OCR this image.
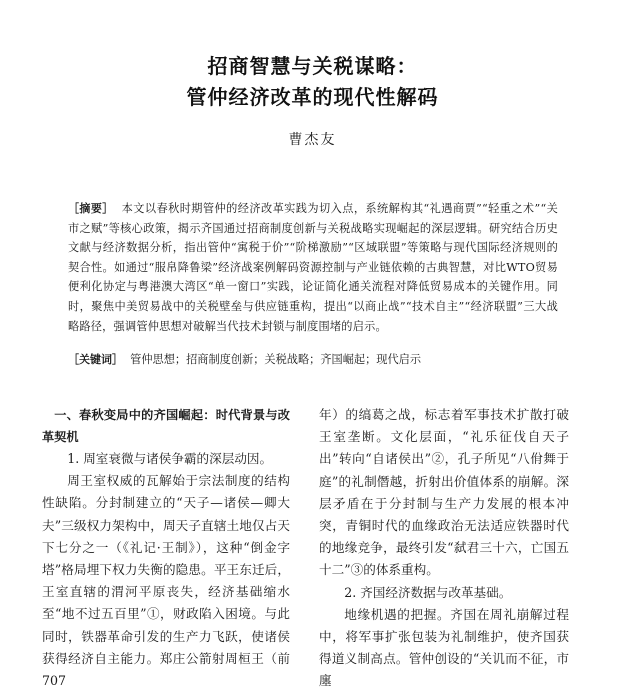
招商智慧与关税谋略：
管仲经济改革的现代性解码
曹杰友
［摘要］ 本文以春秋时期管仲的经济改革实践为切入点，系统解构其“礼遇商贾”“轻重之术”“关市之赋”等核心政策，揭示齐国通过招商制度创新与关税战略实现崛起的深层逻辑。研究结合历史文献与经济数据分析，指出管仲“寓税于价”“阶梯激励”“区域联盟”等策略与现代国际经济规则的契合性。如通过“服帛降鲁梁”经济战案例解码资源控制与产业链依赖的古典智慧，对比WTO贸易便利化协定与粤港澳大湾区“单一窗口”实践，论证简化通关流程对降低贸易成本的关键作用。同时，聚焦中美贸易战中的关税壁垒与供应链重构，提出“以商止战”“技术自主”“经济联盟”三大战略路径，强调管仲思想对破解当代技术封锁与制度围堵的启示。
［关键词］ 管仲思想；招商制度创新；关税战略；齐国崛起；现代启示
一、春秋变局中的齐国崛起：时代背景与改革契机

1. 周室衰微与诸侯争霸的深层动因。

周王室权威的瓦解始于宗法制度的结构性缺陷。分封制建立的“天子—诸侯—卿大夫”三级权力架构中，周天子直辖土地仅占天下七分之一（《礼记·王制》），这种“倒金字塔”格局埋下权力失衡的隐患。平王东迁后，王室直辖的渭河平原丧失，经济基础缩水至“地不过五百里”①，财政陷入困境。与此同时，铁器革命引发的生产力飞跃，使诸侯获得经济自主能力。郑庄公箭射周桓王（前707

年）的缟葛之战，标志着军事技术扩散打破王室垄断。文化层面，“礼乐征伐自天子出”转向“自诸侯出”②，孔子所见“八佾舞于庭”的礼制僭越，折射出价值体系的崩解。深层矛盾在于分封制与生产力发展的根本冲突，青铜时代的血缘政治无法适应铁器时代的地缘竞争，最终引发“弑君三十六，亡国五十二”③的体系重构。

2. 齐国经济数据与改革基础。

地缘机遇的把握。齐国在周礼崩解过程中，将军事扩张包装为礼制维护，使齐国获得道义制高点。管仲创设的“关讥而不征，市廛
